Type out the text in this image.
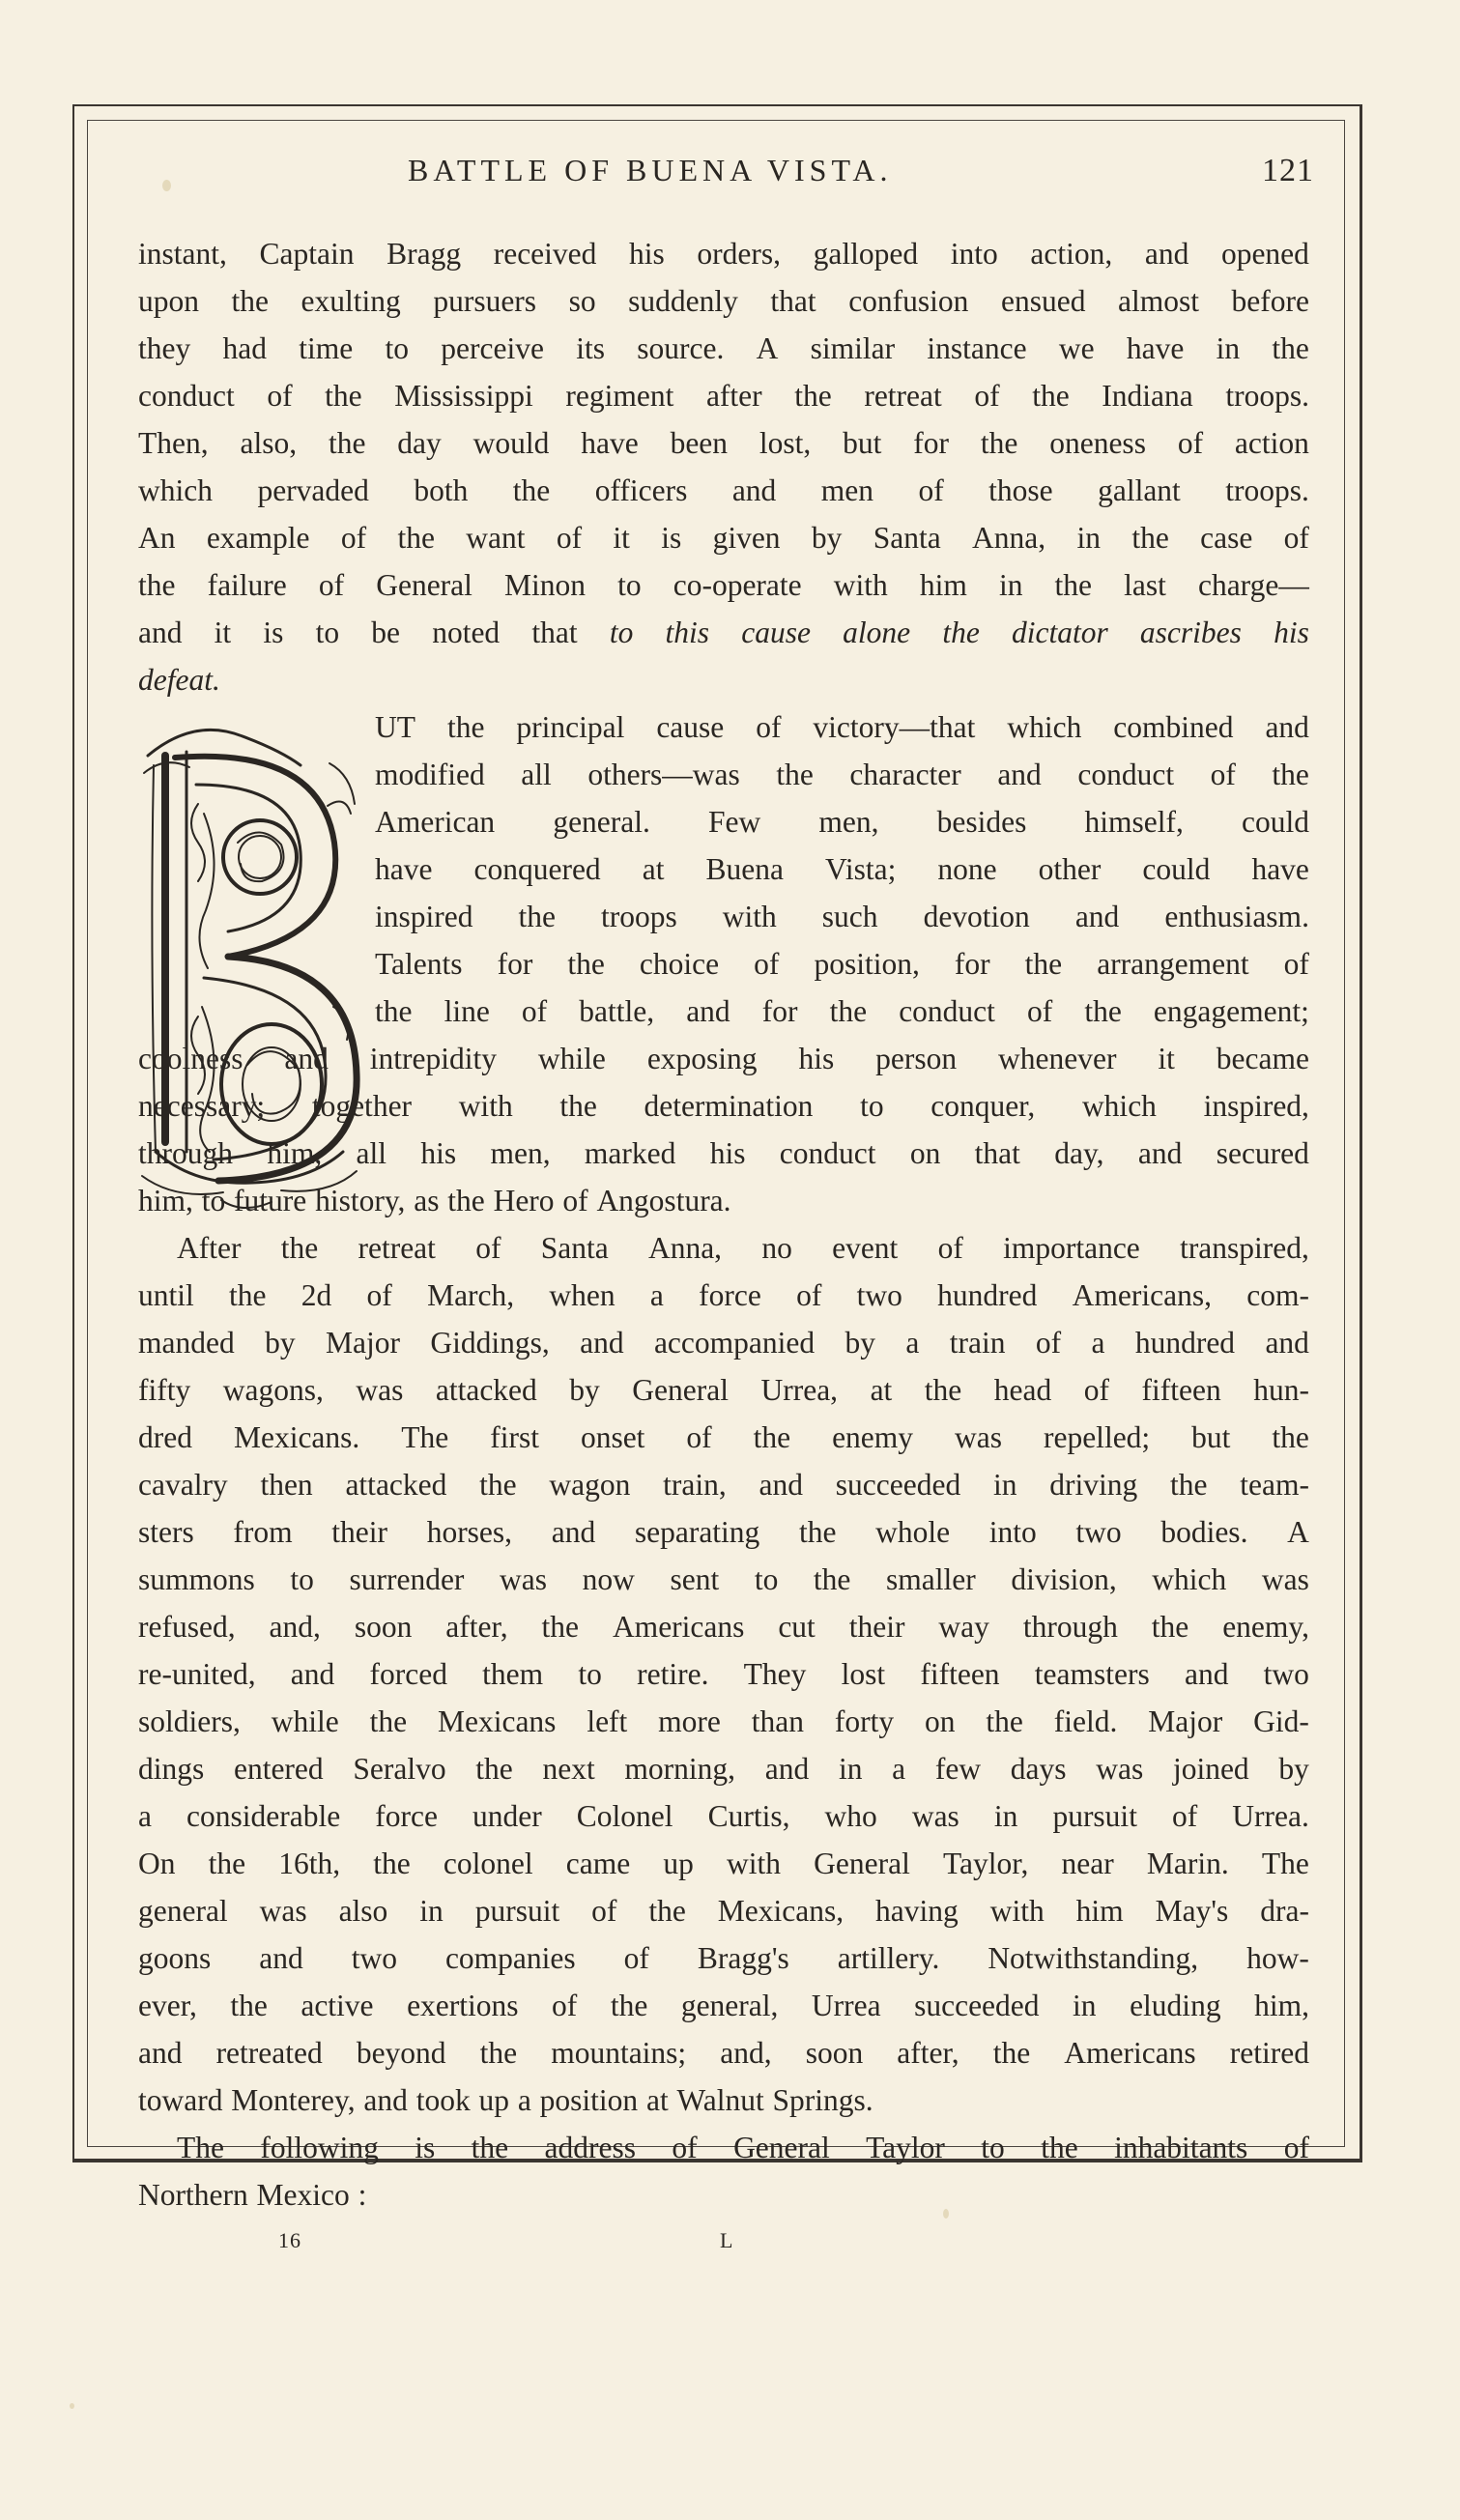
BATTLE OF BUENA VISTA.	121
instant, Captain Bragg received his orders, galloped into action, and opened
upon the exulting pursuers so suddenly that confusion ensued almost before
they had time to perceive its source. A similar instance we have in the
conduct of the Mississippi regiment after the retreat of the Indiana troops.
Then, also, the day would have been lost, but for the oneness of action
which pervaded both the officers and men of those gallant troops.
An example of the want of it is given by Santa Anna, in the case of
the failure of General Minon to co-operate with him in the last charge—
and it is to be noted that to this cause alone the dictator ascribes his
defeat.
UT the principal cause of victory—that which combined and
modified all others—was the character and conduct of the
American general. Few men, besides himself, could
have conquered at Buena Vista; none other could have
inspired the troops with such devotion and enthusiasm.
Talents for the choice of position, for the arrangement of
the line of battle, and for the conduct of the engagement;
coolness and intrepidity while exposing his person whenever it became
necessary; together with the determination to conquer, which inspired,
through him, all his men, marked his conduct on that day, and secured
him, to future history, as the Hero of Angostura.
After the retreat of Santa Anna, no event of importance transpired,
until the 2d of March, when a force of two hundred Americans, com-
manded by Major Giddings, and accompanied by a train of a hundred and
fifty wagons, was attacked by General Urrea, at the head of fifteen hun-
dred Mexicans. The first onset of the enemy was repelled; but the
cavalry then attacked the wagon train, and succeeded in driving the team-
sters from their horses, and separating the whole into two bodies. A
summons to surrender was now sent to the smaller division, which was
refused, and, soon after, the Americans cut their way through the enemy,
re-united, and forced them to retire. They lost fifteen teamsters and two
soldiers, while the Mexicans left more than forty on the field. Major Gid-
dings entered Seralvo the next morning, and in a few days was joined by
a considerable force under Colonel Curtis, who was in pursuit of Urrea.
On the 16th, the colonel came up with General Taylor, near Marin. The
general was also in pursuit of the Mexicans, having with him May's dra-
goons and two companies of Bragg's artillery. Notwithstanding, how-
ever, the active exertions of the general, Urrea succeeded in eluding him,
and retreated beyond the mountains; and, soon after, the Americans retired
toward Monterey, and took up a position at Walnut Springs.
The following is the address of General Taylor to the inhabitants of
Northern Mexico :
16	L
